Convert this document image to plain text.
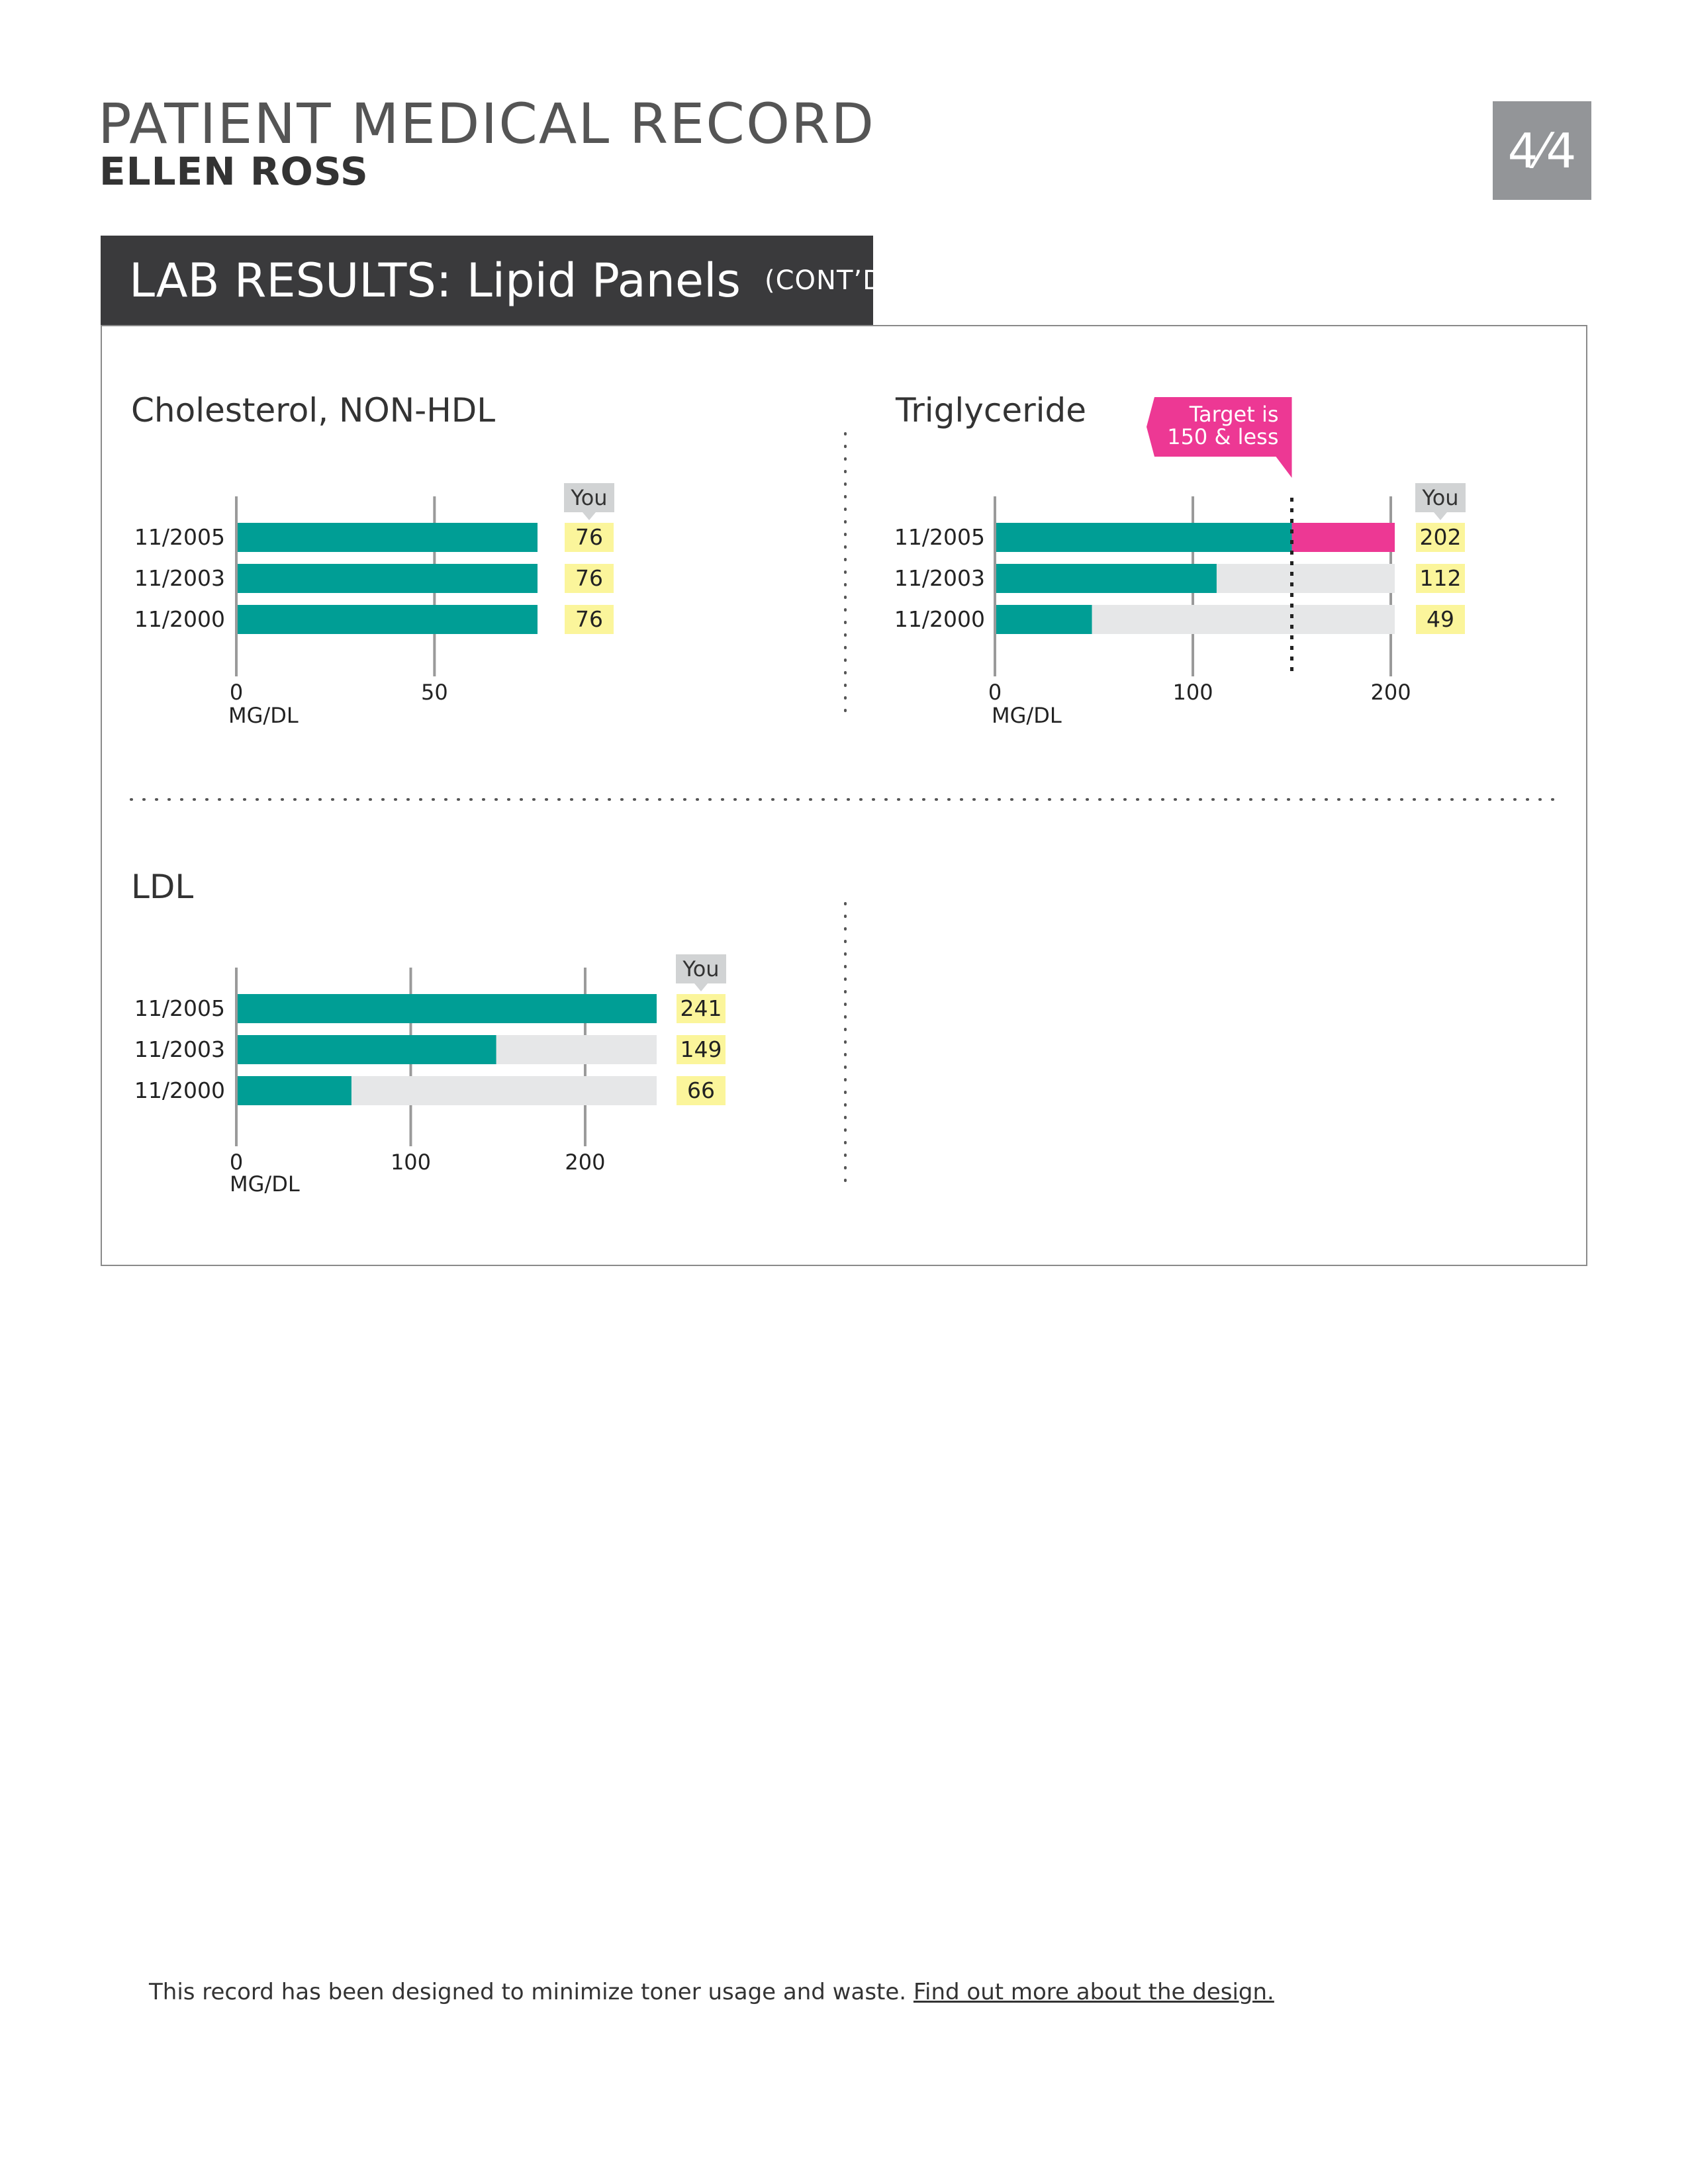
PATIENT MEDICAL RECORD
ELLEN ROSS	4⁄4
LAB RESULTS: Lipid Panels (CONT’D)
Cholesterol, NON-HDL
MG/DL
0	50
11/2005	76
11/2003	76
11/2000	76
You
Triglyceride
MG/DL
0	100	200
11/2005	202
11/2003	112
11/2000	49
You
Target is
150 & less
LDL
MG/DL
0	100	200
11/2005	241
11/2003	149
11/2000	66
You
This record has been designed to minimize toner usage and waste. Find out more about the design.
